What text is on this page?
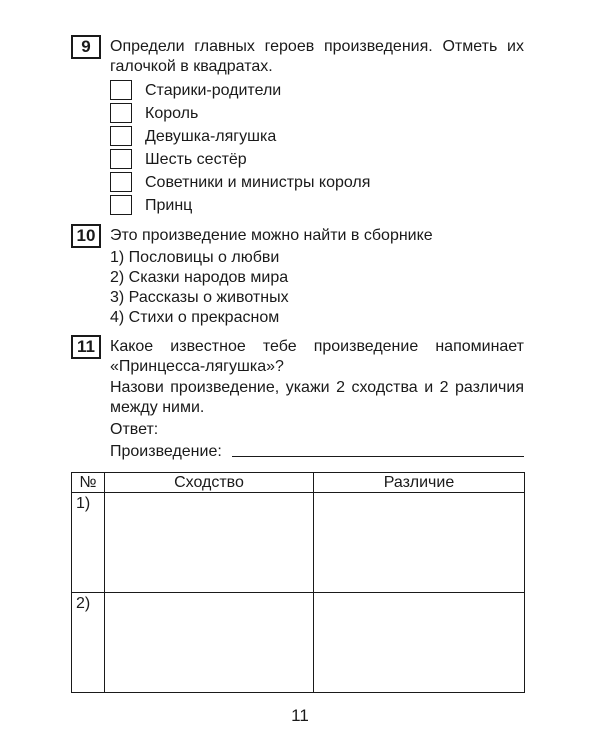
9	Определи главных героев произведения. Отметь их галочкой в квадратах.
Старики-родители
Король
Девушка-лягушка
Шесть сестёр
Советники и министры короля
Принц
10 Это произведение можно найти в сборнике
1) Пословицы о любви
2) Сказки народов мира
3) Рассказы о животных
4) Стихи о прекрасном
11 Какое известное тебе произведение напоминает «Принцесса-лягушка»?
Назови произведение, укажи 2 сходства и 2 различия между ними.
Ответ:
Произведение:
№	Сходство	Различие
1)		
2)		
11
